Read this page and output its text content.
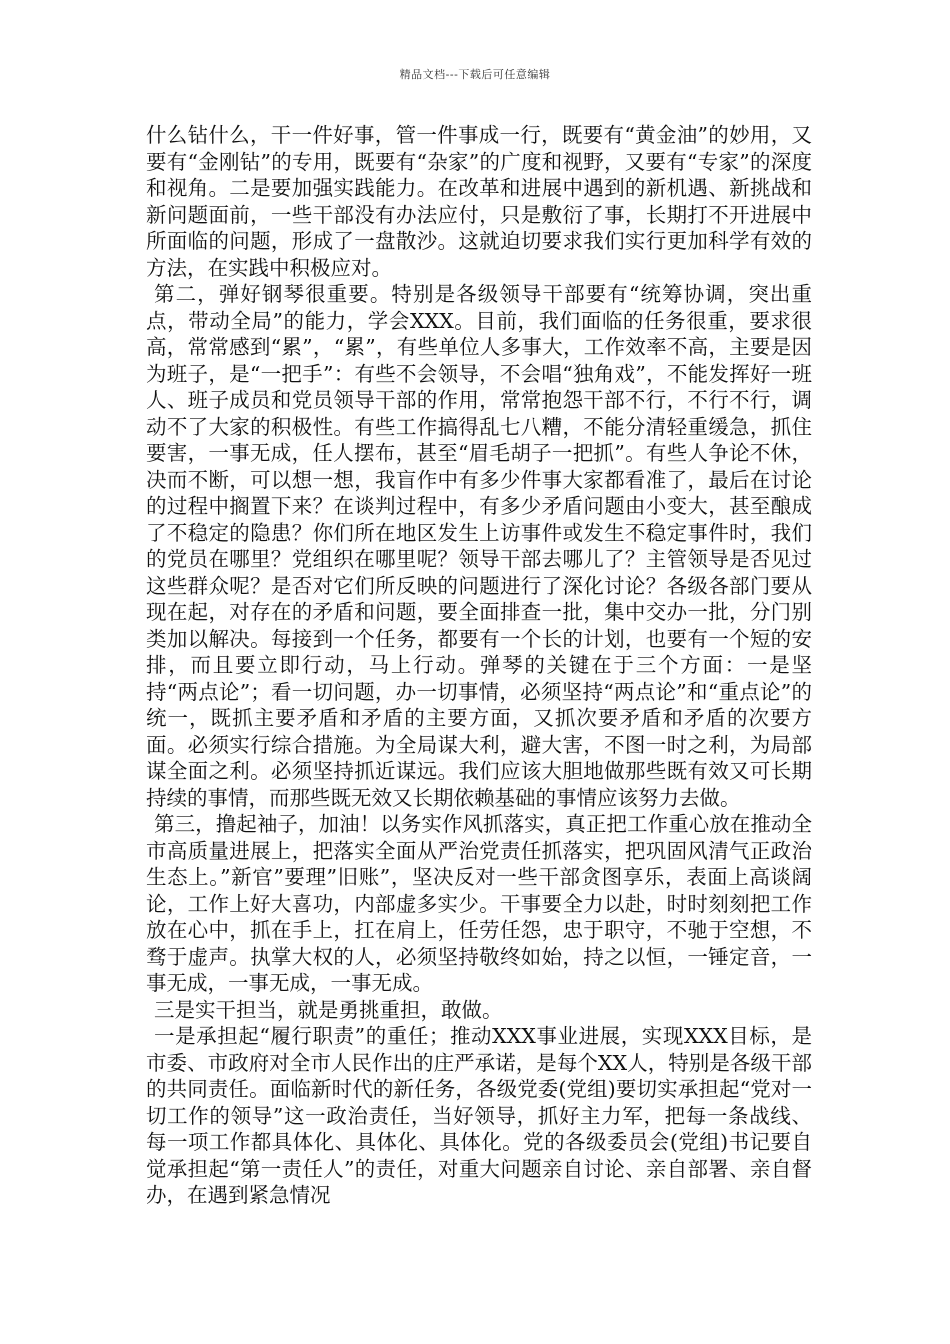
精品文档---下载后可任意编辑

什么钻什么，干一件好事，管一件事成一行，既要有“黄金油”的妙用，又要有“金刚钻”的专用，既要有“杂家”的广度和视野，又要有“专家”的深度和视角。二是要加强实践能力。在改革和进展中遇到的新机遇、新挑战和新问题面前，一些干部没有办法应付，只是敷衍了事，长期打不开进展中所面临的问题，形成了一盘散沙。这就迫切要求我们实行更加科学有效的方法，在实践中积极应对。

第二，弹好钢琴很重要。特别是各级领导干部要有“统筹协调，突出重点，带动全局”的能力，学会XXX。目前，我们面临的任务很重，要求很高，常常感到“累”，“累”，有些单位人多事大，工作效率不高，主要是因为班子，是“一把手”：有些不会领导，不会唱“独角戏”，不能发挥好一班人、班子成员和党员领导干部的作用，常常抱怨干部不行，不行不行，调动不了大家的积极性。有些工作搞得乱七八糟，不能分清轻重缓急，抓住要害，一事无成，任人摆布，甚至“眉毛胡子一把抓”。有些人争论不休，决而不断，可以想一想，我盲作中有多少件事大家都看准了，最后在讨论的过程中搁置下来？在谈判过程中，有多少矛盾问题由小变大，甚至酿成了不稳定的隐患？你们所在地区发生上访事件或发生不稳定事件时，我们的党员在哪里？党组织在哪里呢？领导干部去哪儿了？主管领导是否见过这些群众呢？是否对它们所反映的问题进行了深化讨论？各级各部门要从现在起，对存在的矛盾和问题，要全面排查一批，集中交办一批，分门别类加以解决。每接到一个任务，都要有一个长的计划，也要有一个短的安排，而且要立即行动，马上行动。弹琴的关键在于三个方面：一是坚持“两点论”；看一切问题，办一切事情，必须坚持“两点论”和“重点论”的统一，既抓主要矛盾和矛盾的主要方面，又抓次要矛盾和矛盾的次要方面。必须实行综合措施。为全局谋大利，避大害，不图一时之利，为局部谋全面之利。必须坚持抓近谋远。我们应该大胆地做那些既有效又可长期持续的事情，而那些既无效又长期依赖基础的事情应该努力去做。

第三，撸起袖子，加油！以务实作风抓落实，真正把工作重心放在推动全市高质量进展上，把落实全面从严治党责任抓落实，把巩固风清气正政治生态上。”新官”要理”旧账”，坚决反对一些干部贪图享乐，表面上高谈阔论，工作上好大喜功，内部虚多实少。干事要全力以赴，时时刻刻把工作放在心中，抓在手上，扛在肩上，任劳任怨，忠于职守，不驰于空想，不骛于虚声。执掌大权的人，必须坚持敬终如始，持之以恒，一锤定音，一事无成，一事无成，一事无成。

三是实干担当，就是勇挑重担，敢做。

一是承担起“履行职责”的重任；推动XXX事业进展，实现XXX目标，是市委、市政府对全市人民作出的庄严承诺，是每个XX人，特别是各级干部的共同责任。面临新时代的新任务，各级党委(党组)要切实承担起“党对一切工作的领导”这一政治责任，当好领导，抓好主力军，把每一条战线、每一项工作都具体化、具体化、具体化。党的各级委员会(党组)书记要自觉承担起“第一责任人”的责任，对重大问题亲自讨论、亲自部署、亲自督办，在遇到紧急情况
